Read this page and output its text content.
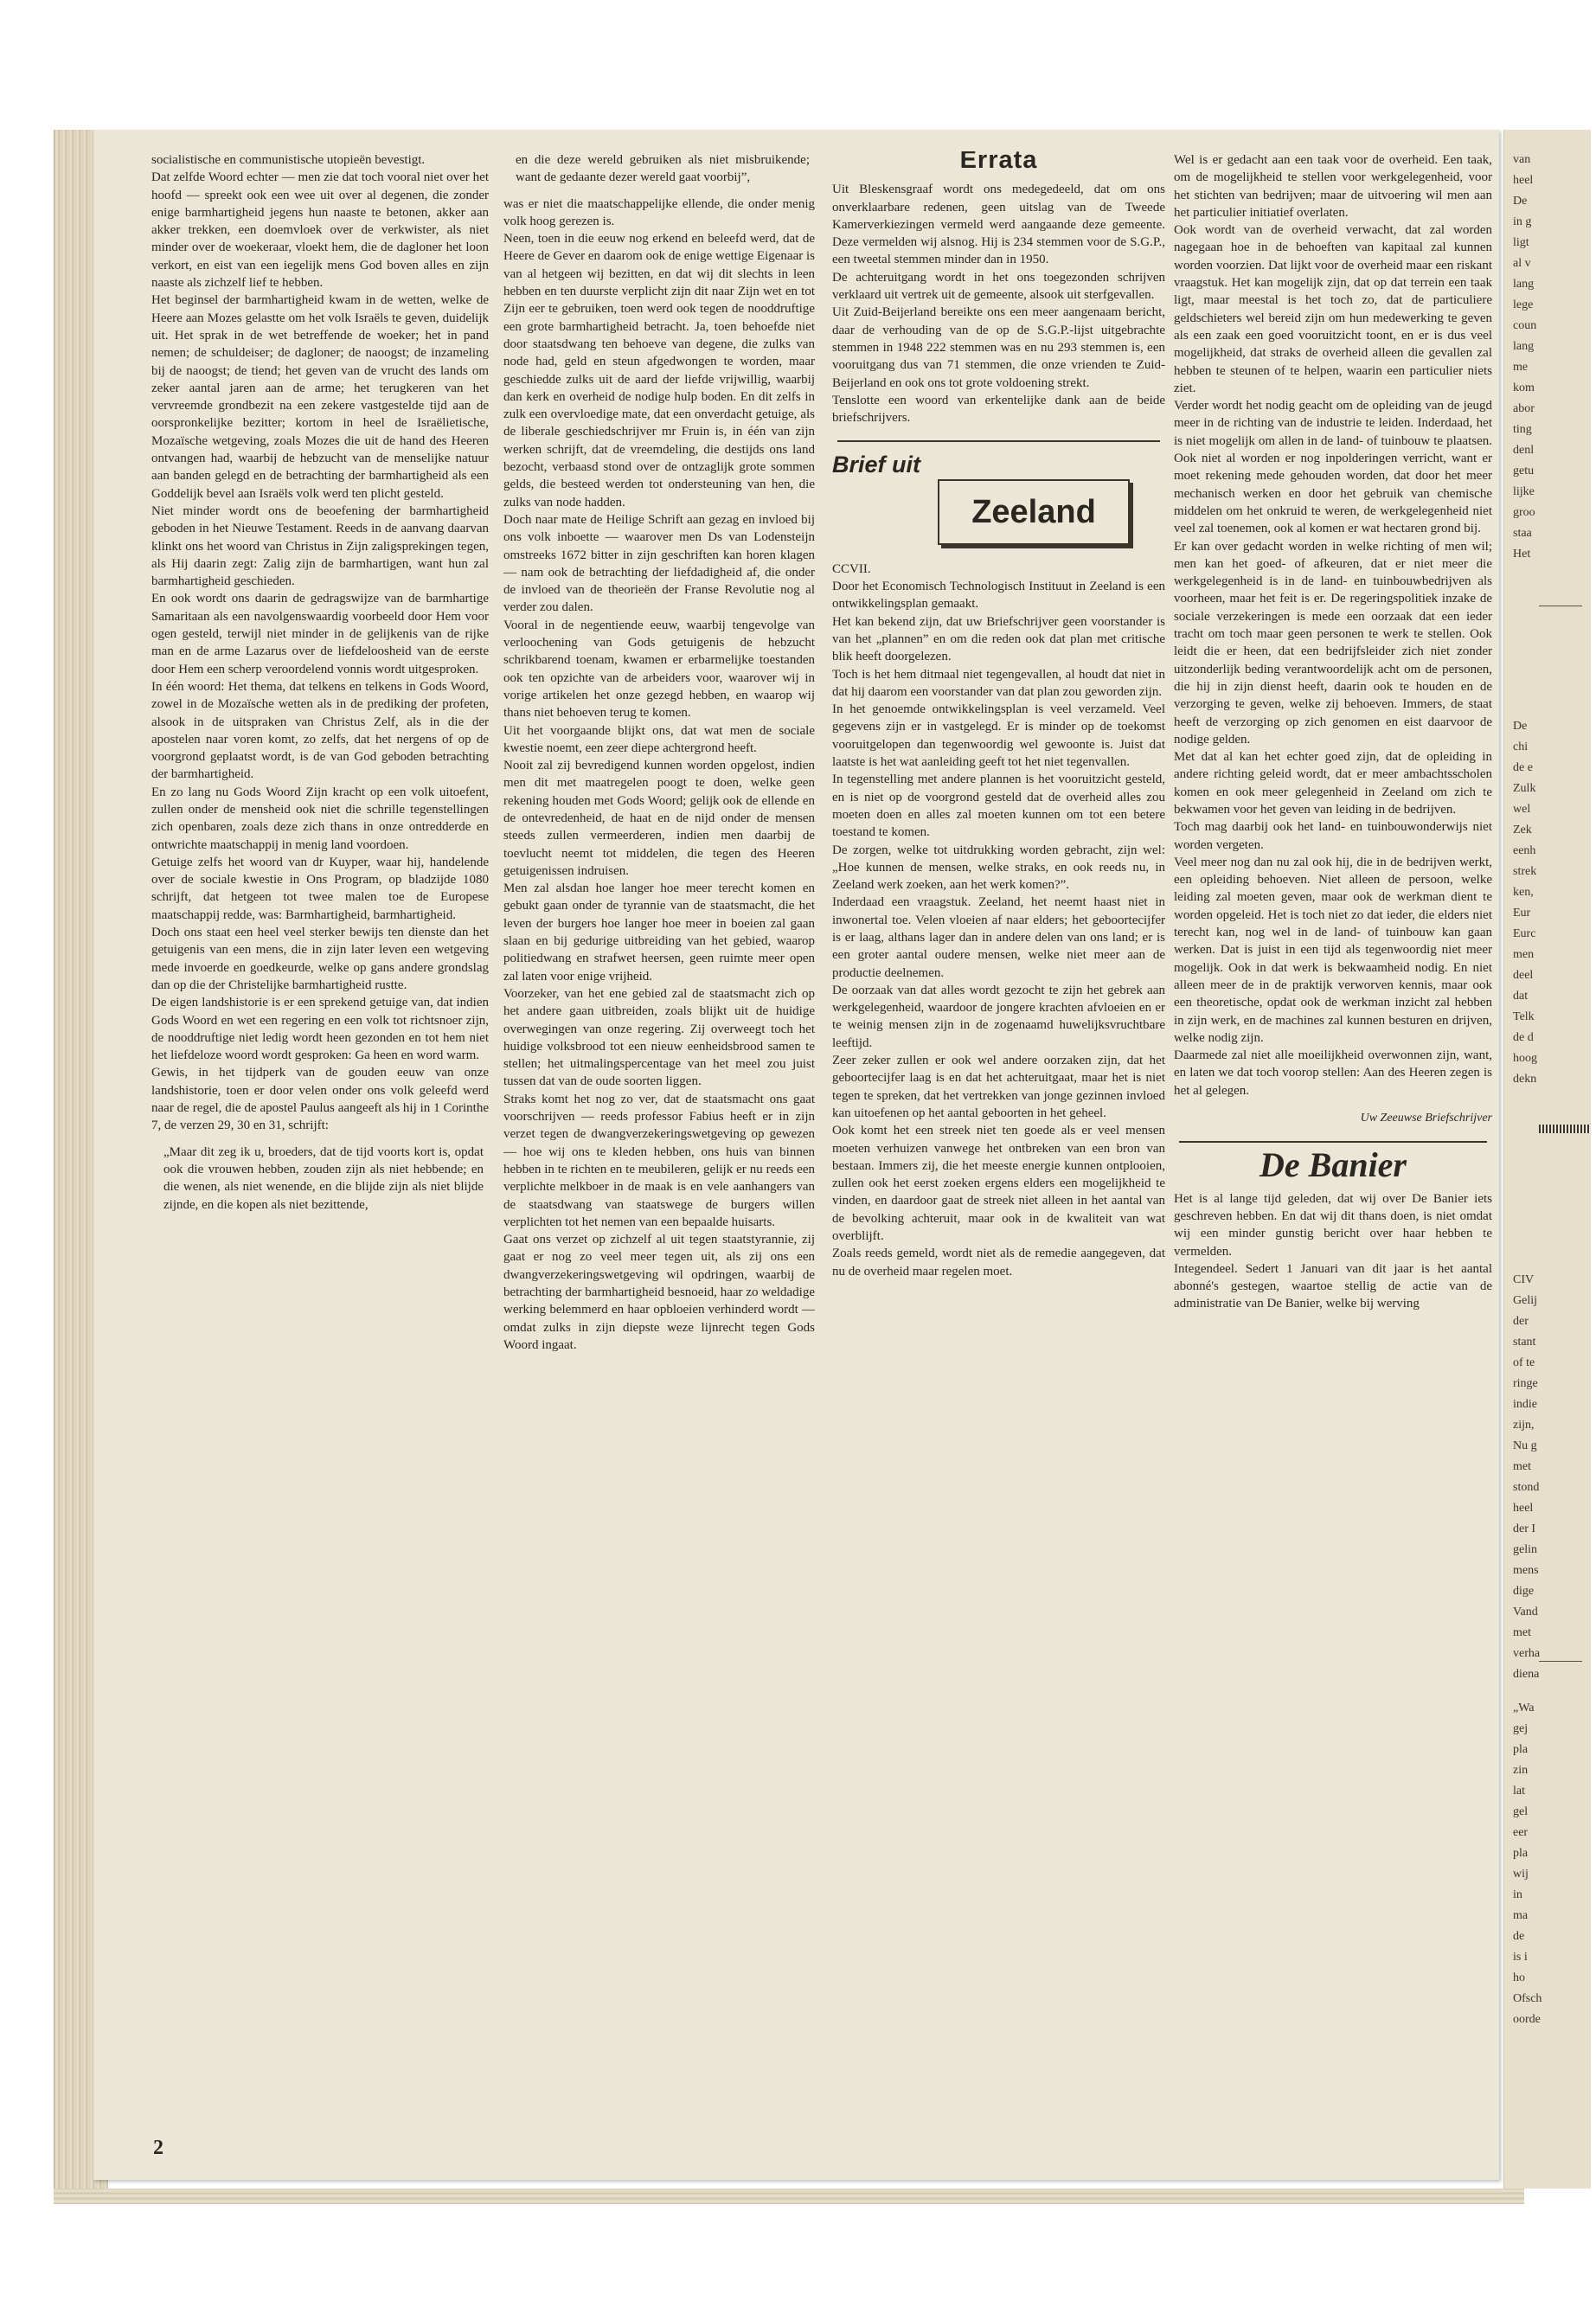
socialistische en communistische utopieën bevestigt.

Dat zelfde Woord echter — men zie dat toch vooral niet over het hoofd — spreekt ook een wee uit over al degenen, die zonder enige barmhartigheid jegens hun naaste te betonen, akker aan akker trekken, een doemvloek over de verkwister, als niet minder over de woekeraar, vloekt hem, die de dagloner het loon verkort, en eist van een iegelijk mens God boven alles en zijn naaste als zichzelf lief te hebben.

Het beginsel der barmhartigheid kwam in de wetten, welke de Heere aan Mozes gelastte om het volk Israëls te geven, duidelijk uit. Het sprak in de wet betreffende de woeker; het in pand nemen; de schuldeiser; de dagloner; de naoogst; de inzameling bij de naoogst; de tiend; het geven van de vrucht des lands om zeker aantal jaren aan de arme; het terugkeren van het vervreemde grondbezit na een zekere vastgestelde tijd aan de oorspronkelijke bezitter; kortom in heel de Israëlietische, Mozaïsche wetgeving, zoals Mozes die uit de hand des Heeren ontvangen had, waarbij de hebzucht van de menselijke natuur aan banden gelegd en de betrachting der barmhartigheid als een Goddelijk bevel aan Israëls volk werd ten plicht gesteld.

Niet minder wordt ons de beoefening der barmhartigheid geboden in het Nieuwe Testament. Reeds in de aanvang daarvan klinkt ons het woord van Christus in Zijn zaligsprekingen tegen, als Hij daarin zegt: Zalig zijn de barmhartigen, want hun zal barmhartigheid geschieden.

En ook wordt ons daarin de gedragswijze van de barmhartige Samaritaan als een navolgenswaardig voorbeeld door Hem voor ogen gesteld, terwijl niet minder in de gelijkenis van de rijke man en de arme Lazarus over de liefdeloosheid van de eerste door Hem een scherp veroordelend vonnis wordt uitgesproken.

In één woord: Het thema, dat telkens en telkens in Gods Woord, zowel in de Mozaïsche wetten als in de prediking der profeten, alsook in de uitspraken van Christus Zelf, als in die der apostelen naar voren komt, zo zelfs, dat het nergens of op de voorgrond geplaatst wordt, is de van God geboden betrachting der barmhartigheid.

En zo lang nu Gods Woord Zijn kracht op een volk uitoefent, zullen onder de mensheid ook niet die schrille tegenstellingen zich openbaren, zoals deze zich thans in onze ontredderde en ontwrichte maatschappij in menig land voordoen.

Getuige zelfs het woord van dr Kuyper, waar hij, handelende over de sociale kwestie in Ons Program, op bladzijde 1080 schrijft, dat hetgeen tot twee malen toe de Europese maatschappij redde, was: Barmhartigheid, barmhartigheid.

Doch ons staat een heel veel sterker bewijs ten dienste dan het getuigenis van een mens, die in zijn later leven een wetgeving mede invoerde en goedkeurde, welke op gans andere grondslag dan op die der Christelijke barmhartigheid rustte.

De eigen landshistorie is er een sprekend getuige van, dat indien Gods Woord en wet een regering en een volk tot richtsnoer zijn, de nooddruftige niet ledig wordt heen gezonden en tot hem niet het liefdeloze woord wordt gesproken: Ga heen en word warm.

Gewis, in het tijdperk van de gouden eeuw van onze landshistorie, toen er door velen onder ons volk geleefd werd naar de regel, die de apostel Paulus aangeeft als hij in 1 Corinthe 7, de verzen 29, 30 en 31, schrijft:

„Maar dit zeg ik u, broeders, dat de tijd voorts kort is, opdat ook die vrouwen hebben, zouden zijn als niet hebbende; en die wenen, als niet wenende, en die blijde zijn als niet blijde zijnde, en die kopen als niet bezittende,

en die deze wereld gebruiken als niet misbruikende; want de gedaante dezer wereld gaat voorbij”,

was er niet die maatschappelijke ellende, die onder menig volk hoog gerezen is.

Neen, toen in die eeuw nog erkend en beleefd werd, dat de Heere de Gever en daarom ook de enige wettige Eigenaar is van al hetgeen wij bezitten, en dat wij dit slechts in leen hebben en ten duurste verplicht zijn dit naar Zijn wet en tot Zijn eer te gebruiken, toen werd ook tegen de nooddruftige een grote barmhartigheid betracht. Ja, toen behoefde niet door staatsdwang ten behoeve van degene, die zulks van node had, geld en steun afgedwongen te worden, maar geschiedde zulks uit de aard der liefde vrijwillig, waarbij dan kerk en overheid de nodige hulp boden. En dit zelfs in zulk een overvloedige mate, dat een onverdacht getuige, als de liberale geschiedschrijver mr Fruin is, in één van zijn werken schrijft, dat de vreemdeling, die destijds ons land bezocht, verbaasd stond over de ontzaglijk grote sommen gelds, die besteed werden tot ondersteuning van hen, die zulks van node hadden.

Doch naar mate de Heilige Schrift aan gezag en invloed bij ons volk inboette — waarover men Ds van Lodensteijn omstreeks 1672 bitter in zijn geschriften kan horen klagen — nam ook de betrachting der liefdadigheid af, die onder de invloed van de theorieën der Franse Revolutie nog al verder zou dalen.

Vooral in de negentiende eeuw, waarbij tengevolge van verloochening van Gods getuigenis de hebzucht schrikbarend toenam, kwamen er erbarmelijke toestanden ook ten opzichte van de arbeiders voor, waarover wij in vorige artikelen het onze gezegd hebben, en waarop wij thans niet behoeven terug te komen.

Uit het voorgaande blijkt ons, dat wat men de sociale kwestie noemt, een zeer diepe achtergrond heeft.

Nooit zal zij bevredigend kunnen worden opgelost, indien men dit met maatregelen poogt te doen, welke geen rekening houden met Gods Woord; gelijk ook de ellende en de ontevredenheid, de haat en de nijd onder de mensen steeds zullen vermeerderen, indien men daarbij de toevlucht neemt tot middelen, die tegen des Heeren getuigenissen indruisen.

Men zal alsdan hoe langer hoe meer terecht komen en gebukt gaan onder de tyrannie van de staatsmacht, die het leven der burgers hoe langer hoe meer in boeien zal gaan slaan en bij gedurige uitbreiding van het gebied, waarop politiedwang en strafwet heersen, geen ruimte meer open zal laten voor enige vrijheid.

Voorzeker, van het ene gebied zal de staatsmacht zich op het andere gaan uitbreiden, zoals blijkt uit de huidige overwegingen van onze regering. Zij overweegt toch het huidige volksbrood tot een nieuw eenheidsbrood samen te stellen; het uitmalingspercentage van het meel zou juist tussen dat van de oude soorten liggen.

Straks komt het nog zo ver, dat de staatsmacht ons gaat voorschrijven — reeds professor Fabius heeft er in zijn verzet tegen de dwangverzekeringswetgeving op gewezen — hoe wij ons te kleden hebben, ons huis van binnen hebben in te richten en te meubileren, gelijk er nu reeds een verplichte melkboer in de maak is en vele aanhangers van de staatsdwang van staatswege de burgers willen verplichten tot het nemen van een bepaalde huisarts.

Gaat ons verzet op zichzelf al uit tegen staatstyrannie, zij gaat er nog zo veel meer tegen uit, als zij ons een dwangverzekeringswetgeving wil opdringen, waarbij de betrachting der barmhartigheid besnoeid, haar zo weldadige werking belemmerd en haar opbloeien verhinderd wordt — omdat zulks in zijn diepste weze lijnrecht tegen Gods Woord ingaat.

Errata

Uit Bleskensgraaf wordt ons medegedeeld, dat om ons onverklaarbare redenen, geen uitslag van de Tweede Kamerverkiezingen vermeld werd aangaande deze gemeente. Deze vermelden wij alsnog. Hij is 234 stemmen voor de S.G.P., een tweetal stemmen minder dan in 1950.

De achteruitgang wordt in het ons toegezonden schrijven verklaard uit vertrek uit de gemeente, alsook uit sterfgevallen.

Uit Zuid-Beijerland bereikte ons een meer aangenaam bericht, daar de verhouding van de op de S.G.P.-lijst uitgebrachte stemmen in 1948 222 stemmen was en nu 293 stemmen is, een vooruitgang dus van 71 stemmen, die onze vrienden te Zuid-Beijerland en ook ons tot grote voldoening strekt.

Tenslotte een woord van erkentelijke dank aan de beide briefschrijvers.

Brief uit

Zeeland

CCVII.

Door het Economisch Technologisch Instituut in Zeeland is een ontwikkelingsplan gemaakt.

Het kan bekend zijn, dat uw Briefschrijver geen voorstander is van het „plannen” en om die reden ook dat plan met critische blik heeft doorgelezen.

Toch is het hem ditmaal niet tegengevallen, al houdt dat niet in dat hij daarom een voorstander van dat plan zou geworden zijn.

In het genoemde ontwikkelingsplan is veel verzameld. Veel gegevens zijn er in vastgelegd. Er is minder op de toekomst vooruitgelopen dan tegenwoordig wel gewoonte is. Juist dat laatste is het wat aanleiding geeft tot het niet tegenvallen.

In tegenstelling met andere plannen is het vooruitzicht gesteld, en is niet op de voorgrond gesteld dat de overheid alles zou moeten doen en alles zal moeten kunnen om tot een betere toestand te komen.

De zorgen, welke tot uitdrukking worden gebracht, zijn wel: „Hoe kunnen de mensen, welke straks, en ook reeds nu, in Zeeland werk zoeken, aan het werk komen?”.

Inderdaad een vraagstuk. Zeeland, het neemt haast niet in inwonertal toe. Velen vloeien af naar elders; het geboortecijfer is er laag, althans lager dan in andere delen van ons land; er is een groter aantal oudere mensen, welke niet meer aan de productie deelnemen.

De oorzaak van dat alles wordt gezocht te zijn het gebrek aan werkgelegenheid, waardoor de jongere krachten afvloeien en er te weinig mensen zijn in de zogenaamd huwelijksvruchtbare leeftijd.

Zeer zeker zullen er ook wel andere oorzaken zijn, dat het geboortecijfer laag is en dat het achteruitgaat, maar het is niet tegen te spreken, dat het vertrekken van jonge gezinnen invloed kan uitoefenen op het aantal geboorten in het geheel.

Ook komt het een streek niet ten goede als er veel mensen moeten verhuizen vanwege het ontbreken van een bron van bestaan. Immers zij, die het meeste energie kunnen ontplooien, zullen ook het eerst zoeken ergens elders een mogelijkheid te vinden, en daardoor gaat de streek niet alleen in het aantal van de bevolking achteruit, maar ook in de kwaliteit van wat overblijft.

Zoals reeds gemeld, wordt niet als de remedie aangegeven, dat nu de overheid maar regelen moet.

Wel is er gedacht aan een taak voor de overheid. Een taak, om de mogelijkheid te stellen voor werkgelegenheid, voor het stichten van bedrijven; maar de uitvoering wil men aan het particulier initiatief overlaten.

Ook wordt van de overheid verwacht, dat zal worden nagegaan hoe in de behoeften van kapitaal zal kunnen worden voorzien. Dat lijkt voor de overheid maar een riskant vraagstuk. Het kan mogelijk zijn, dat op dat terrein een taak ligt, maar meestal is het toch zo, dat de particuliere geldschieters wel bereid zijn om hun medewerking te geven als een zaak een goed vooruitzicht toont, en er is dus veel mogelijkheid, dat straks de overheid alleen die gevallen zal hebben te steunen of te helpen, waarin een particulier niets ziet.

Verder wordt het nodig geacht om de opleiding van de jeugd meer in de richting van de industrie te leiden. Inderdaad, het is niet mogelijk om allen in de land- of tuinbouw te plaatsen. Ook niet al worden er nog inpolderingen verricht, want er moet rekening mede gehouden worden, dat door het meer mechanisch werken en door het gebruik van chemische middelen om het onkruid te weren, de werkgelegenheid niet veel zal toenemen, ook al komen er wat hectaren grond bij.

Er kan over gedacht worden in welke richting of men wil; men kan het goed- of afkeuren, dat er niet meer die werkgelegenheid is in de land- en tuinbouwbedrijven als voorheen, maar het feit is er. De regeringspolitiek inzake de sociale verzekeringen is mede een oorzaak dat een ieder tracht om toch maar geen personen te werk te stellen. Ook leidt die er heen, dat een bedrijfsleider zich niet zonder uitzonderlijk beding verantwoordelijk acht om de personen, die hij in zijn dienst heeft, daarin ook te houden en de verzorging te geven, welke zij behoeven. Immers, de staat heeft de verzorging op zich genomen en eist daarvoor de nodige gelden.

Met dat al kan het echter goed zijn, dat de opleiding in andere richting geleid wordt, dat er meer ambachtsscholen komen en ook meer gelegenheid in Zeeland om zich te bekwamen voor het geven van leiding in de bedrijven.

Toch mag daarbij ook het land- en tuinbouwonderwijs niet worden vergeten.

Veel meer nog dan nu zal ook hij, die in de bedrijven werkt, een opleiding behoeven. Niet alleen de persoon, welke leiding zal moeten geven, maar ook de werkman dient te worden opgeleid. Het is toch niet zo dat ieder, die elders niet terecht kan, nog wel in de land- of tuinbouw kan gaan werken. Dat is juist in een tijd als tegenwoordig niet meer mogelijk. Ook in dat werk is bekwaamheid nodig. En niet alleen meer de in de praktijk verworven kennis, maar ook een theoretische, opdat ook de werkman inzicht zal hebben in zijn werk, en de machines zal kunnen besturen en drijven, welke nodig zijn.

Daarmede zal niet alle moeilijkheid overwonnen zijn, want, en laten we dat toch voorop stellen: Aan des Heeren zegen is het al gelegen.

Uw Zeeuwse Briefschrijver

De Banier

Het is al lange tijd geleden, dat wij over De Banier iets geschreven hebben. En dat wij dit thans doen, is niet omdat wij een minder gunstig bericht over haar hebben te vermelden.

Integendeel. Sedert 1 Januari van dit jaar is het aantal abonné's gestegen, waartoe stellig de actie van de administratie van De Banier, welke bij werving

2
van
heel
De
in g
ligt
al v
lang
lege
coun
lang
me
kom
abor
ting
denl
getu
lijke
groo
staa
Het
De
chi
de e
Zulk
wel
Zek
eenh
strek
ken,
Eur
Eurc
men
deel
dat
Telk
de d
hoog
dekn
CIV
Gelij
der
stant
of te
ringe
indie
zijn,
Nu g
met
stond
heel
der I
gelin
mens
dige
Vand
met
verha
diena
„Wa
gej
pla
zin
lat
gel
eer
pla
wij
in
ma
de
is i
ho
Ofsch
oorde
